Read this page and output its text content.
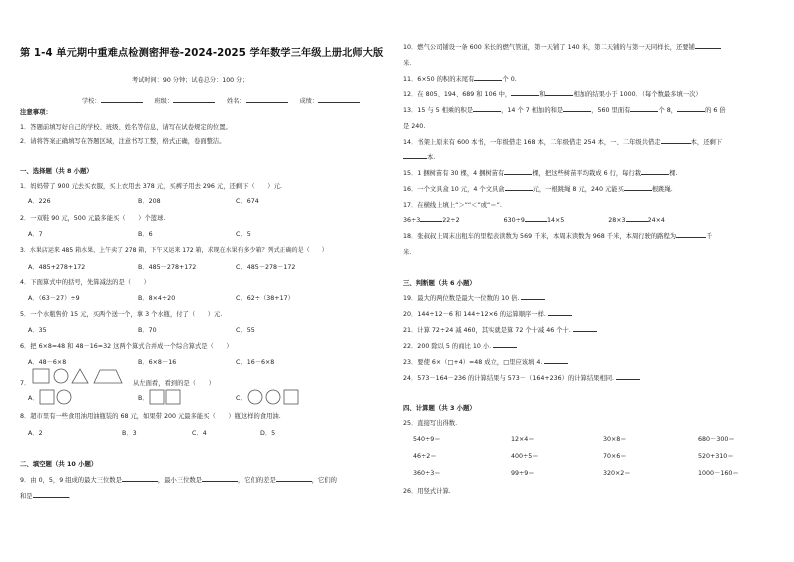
第 1-4 单元期中重难点检测密押卷-2024-2025 学年数学三年级上册北师大版
考试时间：90 分钟；试卷总分：100 分；
学校：	班级：	姓名：	成绩：
注意事项：
1．答题前填写好自己的学校、班级、姓名等信息，请写在试卷规定的位置。
2．请将答案正确填写在答题区域，注意书写工整，格式正确，卷面整洁。
一、选择题（共 8 小题）
1．妈妈带了 900 元去买衣服，买上衣用去 378 元，买裤子用去 296 元，还剩下（　　）元.
A．226	B．208	C．674
2．一双鞋 90 元，500 元最多能买（　　）个篮球.
A．7	B．6	C．5
3．水果店运来 485 箱水果，上午卖了 278 箱，下午又运来 172 箱，求现在水果有多少箱？列式正确的是（　　）
A．485+278+172	B．485－278+172	C．485－278－172
4．下面算式中的括号，先算减法的是（　　）
A．（63－27）÷9	B．8×4÷20	C．62÷（38+17）
5．一个水瓶售价 15 元，买两个送一个，拿 3 个水瓶，付了（　　）元.
A．35	B．70	C．55
6．把 6×8=48 和 48－16=32 这两个算式合并成一个综合算式是（　　）
A．48－6×8	B．6×8－16	C．16－6×8
7．	从左面看，看到的是（　　）
A．	B．	C．
8．超市里有一些食用油用油瓶装的 68 元，如果带 200 元最多能买（　　）瓶这样的食用油.
A．2	B．3	C．4	D．5
二、填空题（共 10 小题）
9．由 0，5，9 组成的最大三位数是	，最小三位数是	，它们的差是	，它们的
和是	．
10．燃气公司铺设一条 600 米长的燃气管道，第一天铺了 140 米，第二天铺的与第一天同样长，还要铺
米.
11．6×50 的积的末尾有	个 0.
12．在 805、194、689 和 106 中，	和	相加的结果小于 1000．（每个数最多填一次）
13．15 与 5 相乘的积是	，14 个 7 相加的和是	，560 里面有	个 8，	的 6 倍
是 240.
14．书架上原来有 600 本书，一年级借走 168 本，二年级借走 254 本，一、二年级共借走	本，还剩下
本.
15．1 捆树苗有 30 棵，4 捆树苗有	棵，把这些树苗平均栽成 6 行，每行栽	棵.
16．一个文具盒 10 元，4 个文具盒	元，一根跳绳 8 元，240 元能买	根跳绳.
17．在横线上填上“＞”“＜”或“＝”.
36÷3	22÷2	630÷9	14×5	28×3	24×4
18．张叔叔上周末出租车的里程表读数为 569 千米，本周末读数为 968 千米，本周行驶的路程为	千
米.
三、判断题（共 6 小题）
19．最大的两位数是最大一位数的 10 倍.
20．144÷12－6 和 144÷12×6 的运算顺序一样.
21．计算 72÷24 减 460，其实就是算 72 个十减 46 个十.
22．200 除以 5 的商比 10 小.
23．要使 6×（□+4）=48 成立，□里应该填 4.
24．573－164－236 的计算结果与 573－（164+236）的计算结果相同.
四、计算题（共 3 小题）
25．直接写出得数.
540÷9＝	12×4＝	30×8＝	680－300＝
46÷2＝	400÷5＝	70×6＝	520+310＝
360÷3＝	99÷9＝	320×2＝	1000－160＝
26．用竖式计算.
